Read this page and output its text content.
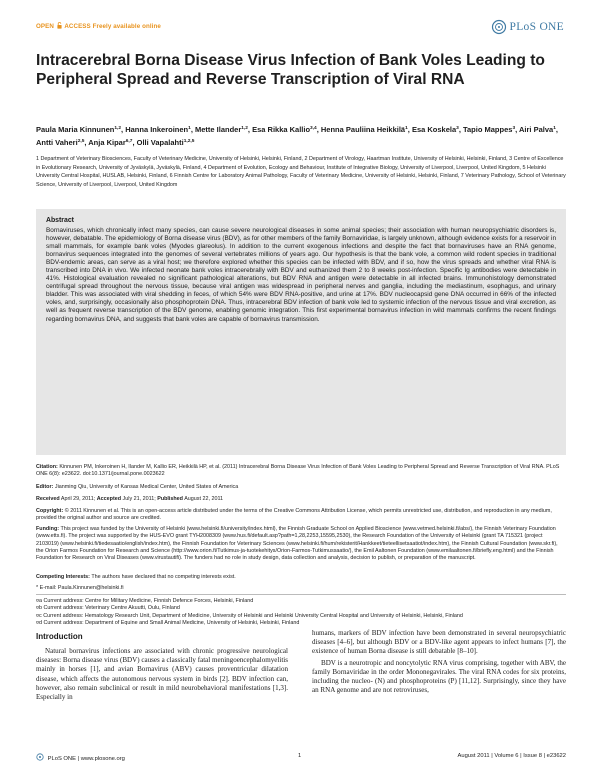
OPEN ACCESS Freely available online	PLoS ONE
Intracerebral Borna Disease Virus Infection of Bank Voles Leading to Peripheral Spread and Reverse Transcription of Viral RNA
Paula Maria Kinnunen$^{1,2}$, Hanna Inkeroinen$^1$, Mette Ilander$^{1,2}$, Esa Rikka Kallio$^{3,4}$, Henna Pauliina Heikkilä$^1$, Esa Koskela$^3$, Tapio Mappes$^3$, Airi Palva$^1$, Antti Vaheri$^{2,5}$, Anja Kipar$^{6,7}$, Olli Vapalahti$^{1,2,5}$
1 Department of Veterinary Biosciences, Faculty of Veterinary Medicine, University of Helsinki, Helsinki, Finland, 2 Department of Virology, Haartman Institute, University of Helsinki, Helsinki, Finland, 3 Centre of Excellence in Evolutionary Research, University of Jyväskylä, Jyväskylä, Finland, 4 Department of Evolution, Ecology and Behaviour, Institute of Integrative Biology, University of Liverpool, Liverpool, United Kingdom, 5 Helsinki University Central Hospital, HUSLAB, Helsinki, Finland, 6 Finnish Centre for Laboratory Animal Pathology, Faculty of Veterinary Medicine, University of Helsinki, Helsinki, Finland, 7 Veterinary Pathology, School of Veterinary Science, University of Liverpool, Liverpool, United Kingdom
Abstract

Bornaviruses, which chronically infect many species, can cause severe neurological diseases in some animal species; their association with human neuropsychiatric disorders is, however, debatable. The epidemiology of Borna disease virus (BDV), as for other members of the family Bornaviridae, is largely unknown, although evidence exists for a reservoir in small mammals, for example bank voles (Myodes glareolus). In addition to the current exogenous infections and despite the fact that bornaviruses have an RNA genome, bornavirus sequences integrated into the genomes of several vertebrates millions of years ago. Our hypothesis is that the bank vole, a common wild rodent species in traditional BDV-endemic areas, can serve as a viral host; we therefore explored whether this species can be infected with BDV, and if so, how the virus spreads and whether viral RNA is transcribed into DNA in vivo. We infected neonate bank voles intracerebrally with BDV and euthanized them 2 to 8 weeks post-infection. Specific Ig antibodies were detectable in 41%. Histological evaluation revealed no significant pathological alterations, but BDV RNA and antigen were detectable in all infected brains. Immunohistology demonstrated centrifugal spread throughout the nervous tissue, because viral antigen was widespread in peripheral nerves and ganglia, including the mediastinum, esophagus, and urinary bladder. This was associated with viral shedding in feces, of which 54% were BDV RNA-positive, and urine at 17%. BDV nucleocapsid gene DNA occurred in 66% of the infected voles, and, surprisingly, occasionally also phosphoprotein DNA. Thus, intracerebral BDV infection of bank vole led to systemic infection of the nervous tissue and viral excretion, as well as frequent reverse transcription of the BDV genome, enabling genomic integration. This first experimental bornavirus infection in wild mammals confirms the recent findings regarding bornavirus DNA, and suggests that bank voles are capable of bornavirus transmission.

Citation: Kinnunen PM, Inkeroinen H, Ilander M, Kallio ER, Heikkilä HP, et al. (2011) Intracerebral Borna Disease Virus Infection of Bank Voles Leading to Peripheral Spread and Reverse Transcription of Viral RNA. PLoS ONE 6(8): e23622. doi:10.1371/journal.pone.0023622
Editor: Jianming Qiu, University of Kansas Medical Center, United States of America
Received April 29, 2011; Accepted July 21, 2011; Published August 22, 2011
Copyright: © 2011 Kinnunen et al. This is an open-access article distributed under the terms of the Creative Commons Attribution License, which permits unrestricted use, distribution, and reproduction in any medium, provided the original author and source are credited.
Funding: This project was funded by the University of Helsinki (www.helsinki.fi/university/index.html), the Finnish Graduate School on Applied Bioscience (www.vetmed.helsinki.fi/abs/), the Finnish Veterinary Foundation (www.etts.fi). The project was supported by the HUS-EVO grant TYH2008309 (www.hus.fi/default.asp?path=1,28,2253,15595,2530), the Research Foundation of the University of Helsinki (grant TA 715321 (project 2103019) (www.helsinki.fi/tiedesaatio/english/index.htm), the Finnish Foundation for Veterinary Sciences (www.helsinki.fi/hum/rekisterit/Hankkeet/tieteellisetsaatiot/index.htm), the Finnish Cultural Foundation (www.skr.fi), the Orion Farmos Foundation for Research and Science (http://www.orion.fi/Tutkimus-ja-tuotekehitys/Orion-Farmos-Tutkimussaatio/), the Emil Aaltonen Foundation (www.emilaaltonen.fi/briefly.eng.html) and the Finnish Foundation for Research on Viral Diseases (www.virustautifi). The funders had no role in study design, data collection and analysis, decision to publish, or preparation of the manuscript.
Competing Interests: The authors have declared that no competing interests exist.
* E-mail: Paula.Kinnunen@helsinki.fi
¤a Current address: Centre for Military Medicine, Finnish Defence Forces, Helsinki, Finland
¤b Current address: Veterinary Centre Akuutti, Oulu, Finland
¤c Current address: Hematology Research Unit, Department of Medicine, University of Helsinki and Helsinki University Central Hospital and University of Helsinki, Helsinki, Finland
¤d Current address: Department of Equine and Small Animal Medicine, University of Helsinki, Helsinki, Finland
Introduction

Natural bornavirus infections are associated with chronic progressive neurological diseases: Borna disease virus (BDV) causes a classically fatal meningoencephalomyelitis mainly in horses [1], and avian Bornavirus (ABV) causes proventricular dilatation disease, which affects the autonomous nervous system in birds [2]. BDV infection can, however, also remain subclinical or result in mild neurobehavioral manifestations [1,3]. Especially in

humans, markers of BDV infection have been demonstrated in several neuropsychiatric diseases [4–6], but although BDV or a BDV-like agent appears to infect humans [7], the existence of human Borna disease is still debatable [8–10].

BDV is a neurotropic and noncytolytic RNA virus comprising, together with ABV, the family Bornaviridae in the order Mononegavirales. The viral RNA codes for six proteins, including the nucleo- (N) and phosphoproteins (P) [11,12]. Surprisingly, since they have an RNA genome and are not retroviruses,

PLoS ONE | www.plosone.org	1	August 2011 | Volume 6 | Issue 8 | e23622
